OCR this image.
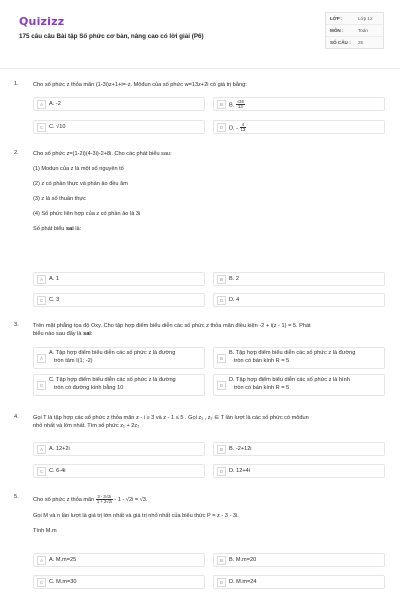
Quizizz
175 câu câu Bài tập Số phức cơ bản, nâng cao có lời giải (P6)
LỚP :	Lớp 12
MÔN :	Toán
SỐ CÂU :	25
1.	Cho số phức z thỏa mãn (1-3i)z+1+i=-z. Môđun của số phức w=13z+2i có giá trị bằng:
A	A. -2	B	B. $\frac{√26}{13}$
C	C. √10	D	D. - $\frac{4}{13}$
2.	Cho số phức z=(1-2i)(4-3i)-2+8i. Cho các phát biểu sau:
(1) Modun của z là một số nguyên tố
(2) z có phần thực và phần ảo đều âm
(3) z là số thuần thực
(4) Số phức liên hợp của z có phần ảo là 3i
Số phát biểu sai là:
A	A. 1	B	B. 2
C	C. 3	D	D. 4
3.	Trên mặt phẳng tọa độ Oxy. Cho tập hợp điểm biểu diễn các số phức z thỏa mãn điều kiện -2 + i(z - 1) = 5. Phát
biểu nào sau đây là sai:
A
A. Tập hợp điểm biểu diễn các số phức z là đường
tròn tâm I(1; -2)	B
B. Tập hợp điểm biểu diễn các số phức z là đường
tròn có bán kính R = 5
C
C. Tập hợp điểm biểu diễn các số phức z là đường
tròn có đường kính bằng 10	D
D. Tập hợp điểm biểu diễn các số phức z là hình
tròn có bán kính R = 5
4.	Gọi T là tập hợp các số phức z thỏa mãn z - i ≥ 3 và z - 1 ≤ 5 . Gọi z₁ , z₂ ∈ T lần lượt là các số phức có môđun
nhỏ nhất và lớn nhất. Tìm số phức z₁ + 2z₂
A	A. 12+2i	B	B. -2+12i
C	C. 6-4i	D	D. 12+4i
5.	Cho số phức z thỏa mãn $\frac{3 - 3√2i}{1 + 2√2i} - 1 - √2i = √3$.
Gọi M và n lần lượt là giá trị lớn nhất và giá trị nhỏ nhất của biểu thức P = z - 3 - 3i.
Tính M.m
A	A. M.m=25	B	B. M.m=20
C	C. M.m=30	D	D. M.m=24
